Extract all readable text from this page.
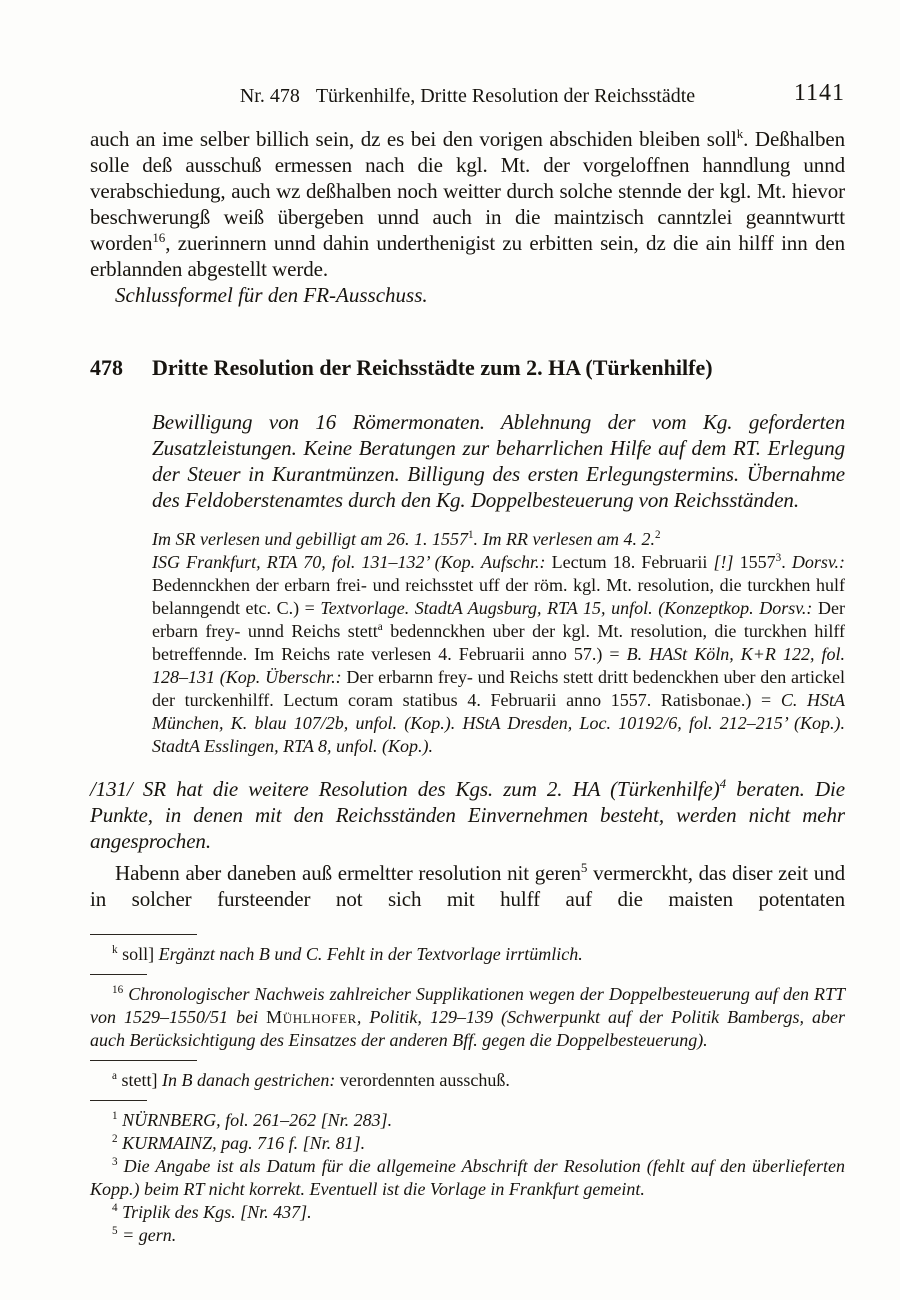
Nr. 478 Türkenhilfe, Dritte Resolution der Reichsstädte	1141

auch an ime selber billich sein, dz es bei den vorigen abschiden bleiben soll$^k$. Deßhalben solle deß ausschuß ermessen nach die kgl. Mt. der vorgeloffnen hanndlung unnd verabschiedung, auch wz deßhalben noch weitter durch solche stennde der kgl. Mt. hievor beschwerungß weiß übergeben unnd auch in die maintzisch canntzlei geanntwurtt worden$^{16}$, zuerinnern unnd dahin underthenigist zu erbitten sein, dz die ain hilff inn den erblannden abgestellt werde.

Schlussformel für den FR-Ausschuss.

478	Dritte Resolution der Reichsstädte zum 2. HA (Türkenhilfe)

Bewilligung von 16 Römermonaten. Ablehnung der vom Kg. geforderten Zusatzleistungen. Keine Beratungen zur beharrlichen Hilfe auf dem RT. Erlegung der Steuer in Kurantmünzen. Billigung des ersten Erlegungstermins. Übernahme des Feldoberstenamtes durch den Kg. Doppelbesteuerung von Reichsständen.

Im SR verlesen und gebilligt am 26. 1. 1557$^1$. Im RR verlesen am 4. 2.$^2$

ISG Frankfurt, RTA 70, fol. 131–132’ (Kop. Aufschr.: Lectum 18. Februarii [!] 1557$^3$. Dorsv.: Bedennckhen der erbarn frei- und reichsstet uff der röm. kgl. Mt. resolution, die turckhen hulf belanngendt etc. C.) = Textvorlage. StadtA Augsburg, RTA 15, unfol. (Konzeptkop. Dorsv.: Der erbarn frey- unnd Reichs stett$^a$ bedennckhen uber der kgl. Mt. resolution, die turckhen hilff betreffennde. Im Reichs rate verlesen 4. Februarii anno 57.) = B. HASt Köln, K+R 122, fol. 128–131 (Kop. Überschr.: Der erbarnn frey- und Reichs stett dritt bedenckhen uber den artickel der turckenhilff. Lectum coram statibus 4. Februarii anno 1557. Ratisbonae.) = C. HStA München, K. blau 107/2b, unfol. (Kop.). HStA Dresden, Loc. 10192/6, fol. 212–215’ (Kop.). StadtA Esslingen, RTA 8, unfol. (Kop.).

/131/ SR hat die weitere Resolution des Kgs. zum 2. HA (Türkenhilfe)$^4$ beraten. Die Punkte, in denen mit den Reichsständen Einvernehmen besteht, werden nicht mehr angesprochen.

Habenn aber daneben auß ermeltter resolution nit geren$^5$ vermerckht, das diser zeit und in solcher fursteender not sich mit hulff auf die maisten potentaten

$^k$ soll] Ergänzt nach B und C. Fehlt in der Textvorlage irrtümlich.

$^{16}$ Chronologischer Nachweis zahlreicher Supplikationen wegen der Doppelbesteuerung auf den RTT von 1529–1550/51 bei Mühlhofer, Politik, 129–139 (Schwerpunkt auf der Politik Bambergs, aber auch Berücksichtigung des Einsatzes der anderen Bff. gegen die Doppelbesteuerung).

$^a$ stett] In B danach gestrichen: verordennten ausschuß.

$^1$ NÜRNBERG, fol. 261–262 [Nr. 283].

$^2$ KURMAINZ, pag. 716 f. [Nr. 81].

$^3$ Die Angabe ist als Datum für die allgemeine Abschrift der Resolution (fehlt auf den überlieferten Kopp.) beim RT nicht korrekt. Eventuell ist die Vorlage in Frankfurt gemeint.

$^4$ Triplik des Kgs. [Nr. 437].

$^5$ = gern.
